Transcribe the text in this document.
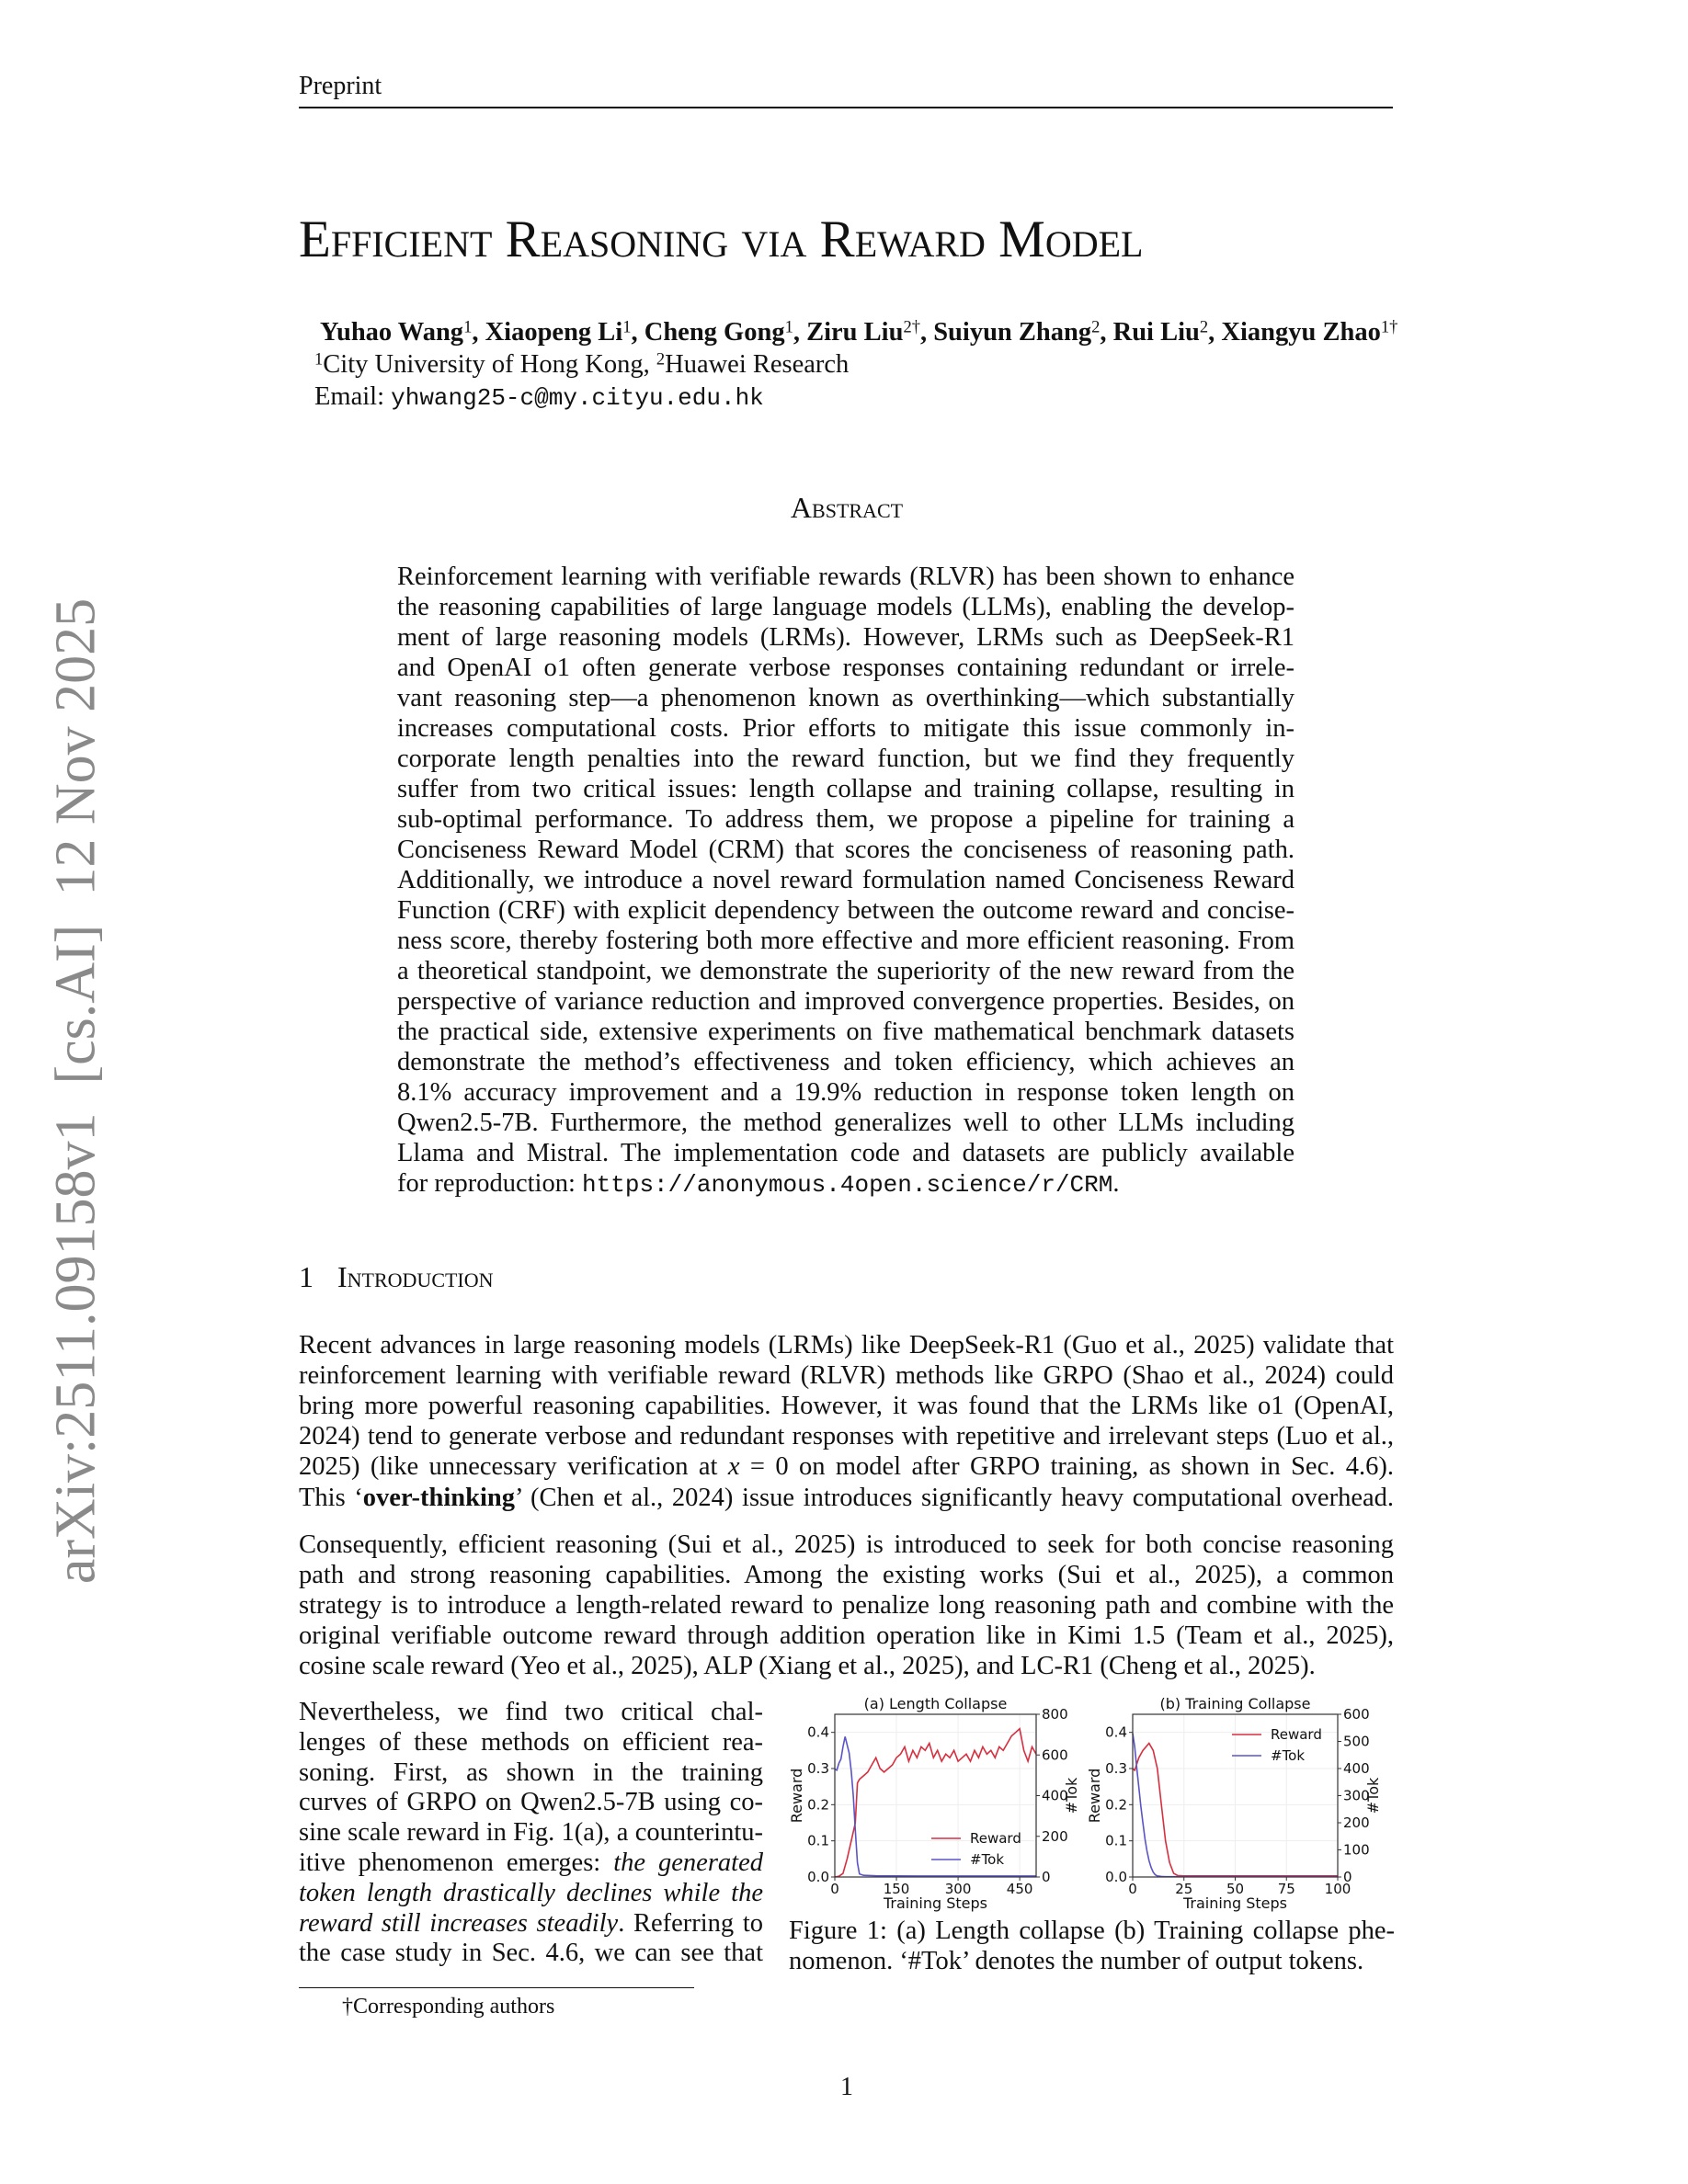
arXiv:2511.09158v1  [cs.AI]  12 Nov 2025
Preprint
Efficient Reasoning via Reward Model
Yuhao Wang$^1$, Xiaopeng Li$^1$, Cheng Gong$^1$, Ziru Liu$^{2\dagger}$, Suiyun Zhang$^2$, Rui Liu$^2$, Xiangyu Zhao$^{1\dagger}$
$^1$City University of Hong Kong, $^2$Huawei Research
Email: yhwang25-c@my.cityu.edu.hk
Abstract
Reinforcement learning with verifiable rewards (RLVR) has been shown to enhance
the reasoning capabilities of large language models (LLMs), enabling the develop-
ment of large reasoning models (LRMs). However, LRMs such as DeepSeek-R1
and OpenAI o1 often generate verbose responses containing redundant or irrele-
vant reasoning step—a phenomenon known as overthinking—which substantially
increases computational costs. Prior efforts to mitigate this issue commonly in-
corporate length penalties into the reward function, but we find they frequently
suffer from two critical issues: length collapse and training collapse, resulting in
sub-optimal performance. To address them, we propose a pipeline for training a
Conciseness Reward Model (CRM) that scores the conciseness of reasoning path.
Additionally, we introduce a novel reward formulation named Conciseness Reward
Function (CRF) with explicit dependency between the outcome reward and concise-
ness score, thereby fostering both more effective and more efficient reasoning. From
a theoretical standpoint, we demonstrate the superiority of the new reward from the
perspective of variance reduction and improved convergence properties. Besides, on
the practical side, extensive experiments on five mathematical benchmark datasets
demonstrate the method’s effectiveness and token efficiency, which achieves an
8.1% accuracy improvement and a 19.9% reduction in response token length on
Qwen2.5-7B. Furthermore, the method generalizes well to other LLMs including
Llama and Mistral. The implementation code and datasets are publicly available
for reproduction: https://anonymous.4open.science/r/CRM.
1 Introduction
Recent advances in large reasoning models (LRMs) like DeepSeek-R1 (Guo et al., 2025) validate that
reinforcement learning with verifiable reward (RLVR) methods like GRPO (Shao et al., 2024) could
bring more powerful reasoning capabilities. However, it was found that the LRMs like o1 (OpenAI,
2024) tend to generate verbose and redundant responses with repetitive and irrelevant steps (Luo et al.,
2025) (like unnecessary verification at x = 0 on model after GRPO training, as shown in Sec. 4.6).
This ‘over-thinking’ (Chen et al., 2024) issue introduces significantly heavy computational overhead.
Consequently, efficient reasoning (Sui et al., 2025) is introduced to seek for both concise reasoning
path and strong reasoning capabilities. Among the existing works (Sui et al., 2025), a common
strategy is to introduce a length-related reward to penalize long reasoning path and combine with the
original verifiable outcome reward through addition operation like in Kimi 1.5 (Team et al., 2025),
cosine scale reward (Yeo et al., 2025), ALP (Xiang et al., 2025), and LC-R1 (Cheng et al., 2025).
Nevertheless, we find two critical chal-
lenges of these methods on efficient rea-
soning. First, as shown in the training
curves of GRPO on Qwen2.5-7B using co-
sine scale reward in Fig. 1(a), a counterintu-
itive phenomenon emerges: the generated
token length drastically declines while the
reward still increases steadily. Referring to
the case study in Sec. 4.6, we can see that
0	150	300	450
0.0
0.1
0.2
0.3
0.4
0
200
400
600
800
(a) Length Collapse
Training Steps
Reward	#Tok
Reward
#Tok
0	25 50 75 100
0.0
0.1
0.2
0.3
0.4
0
100
200
300
400
500
600
(b) Training Collapse
Training Steps
Reward	#Tok
Reward
#Tok
Figure 1: (a) Length collapse (b) Training collapse phe-
nomenon. ‘#Tok’ denotes the number of output tokens.
†Corresponding authors
1
